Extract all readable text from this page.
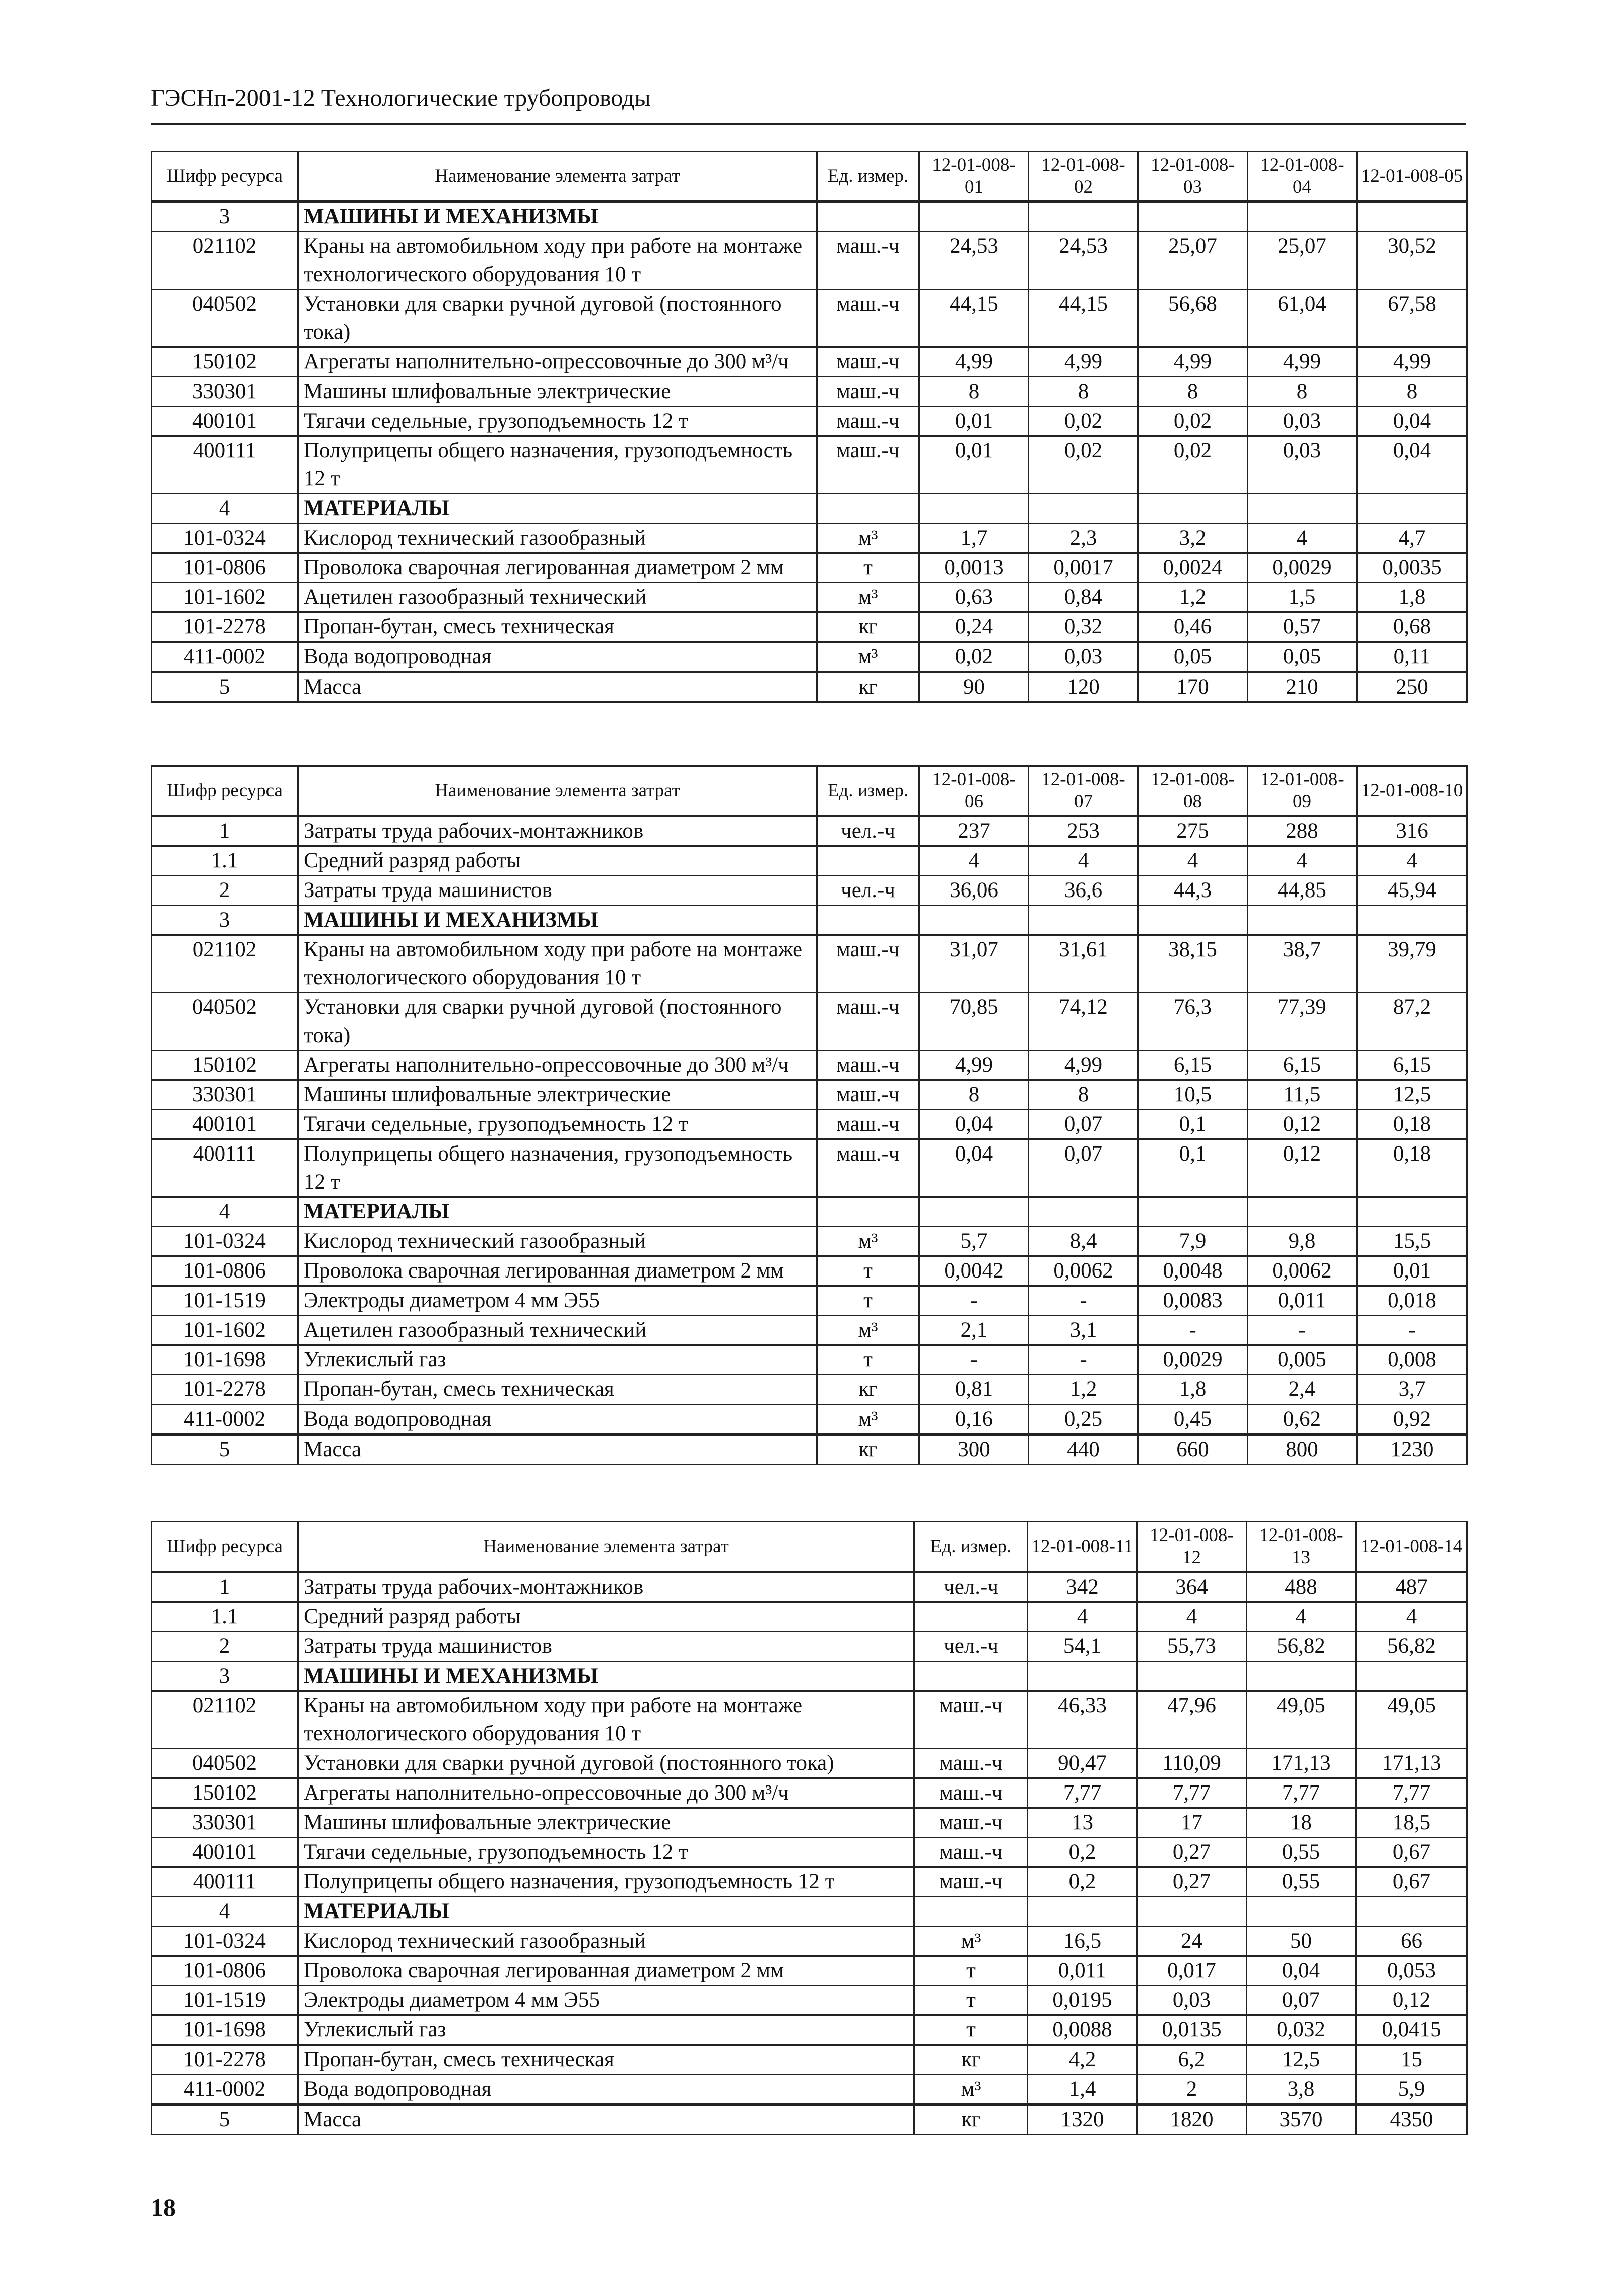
ГЭСНп-2001-12 Технологические трубопроводы
Шифр ресурса	Наименование элемента затрат	Ед. измер.	12-01-008-01	12-01-008-02	12-01-008-03	12-01-008-04	12-01-008-05
3	МАШИНЫ И МЕХАНИЗМЫ						
021102	Краны на автомобильном ходу при работе на монтаже технологического оборудования 10 т	маш.-ч	24,53	24,53	25,07	25,07	30,52
040502	Установки для сварки ручной дуговой (постоянного тока)	маш.-ч	44,15	44,15	56,68	61,04	67,58
150102	Агрегаты наполнительно-опрессовочные до 300 м³/ч	маш.-ч	4,99	4,99	4,99	4,99	4,99
330301	Машины шлифовальные электрические	маш.-ч	8	8	8	8	8
400101	Тягачи седельные, грузоподъемность 12 т	маш.-ч	0,01	0,02	0,02	0,03	0,04
400111	Полуприцепы общего назначения, грузоподъемность 12 т	маш.-ч	0,01	0,02	0,02	0,03	0,04
4	МАТЕРИАЛЫ						
101-0324	Кислород технический газообразный	м³	1,7	2,3	3,2	4	4,7
101-0806	Проволока сварочная легированная диаметром 2 мм	т	0,0013	0,0017	0,0024	0,0029	0,0035
101-1602	Ацетилен газообразный технический	м³	0,63	0,84	1,2	1,5	1,8
101-2278	Пропан-бутан, смесь техническая	кг	0,24	0,32	0,46	0,57	0,68
411-0002	Вода водопроводная	м³	0,02	0,03	0,05	0,05	0,11
5	Масса	кг	90	120	170	210	250
Шифр ресурса	Наименование элемента затрат	Ед. измер.	12-01-008-06	12-01-008-07	12-01-008-08	12-01-008-09	12-01-008-10
1	Затраты труда рабочих-монтажников	чел.-ч	237	253	275	288	316
1.1	Средний разряд работы		4	4	4	4	4
2	Затраты труда машинистов	чел.-ч	36,06	36,6	44,3	44,85	45,94
3	МАШИНЫ И МЕХАНИЗМЫ						
021102	Краны на автомобильном ходу при работе на монтаже технологического оборудования 10 т	маш.-ч	31,07	31,61	38,15	38,7	39,79
040502	Установки для сварки ручной дуговой (постоянного тока)	маш.-ч	70,85	74,12	76,3	77,39	87,2
150102	Агрегаты наполнительно-опрессовочные до 300 м³/ч	маш.-ч	4,99	4,99	6,15	6,15	6,15
330301	Машины шлифовальные электрические	маш.-ч	8	8	10,5	11,5	12,5
400101	Тягачи седельные, грузоподъемность 12 т	маш.-ч	0,04	0,07	0,1	0,12	0,18
400111	Полуприцепы общего назначения, грузоподъемность 12 т	маш.-ч	0,04	0,07	0,1	0,12	0,18
4	МАТЕРИАЛЫ						
101-0324	Кислород технический газообразный	м³	5,7	8,4	7,9	9,8	15,5
101-0806	Проволока сварочная легированная диаметром 2 мм	т	0,0042	0,0062	0,0048	0,0062	0,01
101-1519	Электроды диаметром 4 мм Э55	т	-	-	0,0083	0,011	0,018
101-1602	Ацетилен газообразный технический	м³	2,1	3,1	-	-	-
101-1698	Углекислый газ	т	-	-	0,0029	0,005	0,008
101-2278	Пропан-бутан, смесь техническая	кг	0,81	1,2	1,8	2,4	3,7
411-0002	Вода водопроводная	м³	0,16	0,25	0,45	0,62	0,92
5	Масса	кг	300	440	660	800	1230
Шифр ресурса	Наименование элемента затрат	Ед. измер.	12-01-008-11	12-01-008-12	12-01-008-13	12-01-008-14
1	Затраты труда рабочих-монтажников	чел.-ч	342	364	488	487
1.1	Средний разряд работы		4	4	4	4
2	Затраты труда машинистов	чел.-ч	54,1	55,73	56,82	56,82
3	МАШИНЫ И МЕХАНИЗМЫ					
021102	Краны на автомобильном ходу при работе на монтаже технологического оборудования 10 т	маш.-ч	46,33	47,96	49,05	49,05
040502	Установки для сварки ручной дуговой (постоянного тока)	маш.-ч	90,47	110,09	171,13	171,13
150102	Агрегаты наполнительно-опрессовочные до 300 м³/ч	маш.-ч	7,77	7,77	7,77	7,77
330301	Машины шлифовальные электрические	маш.-ч	13	17	18	18,5
400101	Тягачи седельные, грузоподъемность 12 т	маш.-ч	0,2	0,27	0,55	0,67
400111	Полуприцепы общего назначения, грузоподъемность 12 т	маш.-ч	0,2	0,27	0,55	0,67
4	МАТЕРИАЛЫ					
101-0324	Кислород технический газообразный	м³	16,5	24	50	66
101-0806	Проволока сварочная легированная диаметром 2 мм	т	0,011	0,017	0,04	0,053
101-1519	Электроды диаметром 4 мм Э55	т	0,0195	0,03	0,07	0,12
101-1698	Углекислый газ	т	0,0088	0,0135	0,032	0,0415
101-2278	Пропан-бутан, смесь техническая	кг	4,2	6,2	12,5	15
411-0002	Вода водопроводная	м³	1,4	2	3,8	5,9
5	Масса	кг	1320	1820	3570	4350
18
